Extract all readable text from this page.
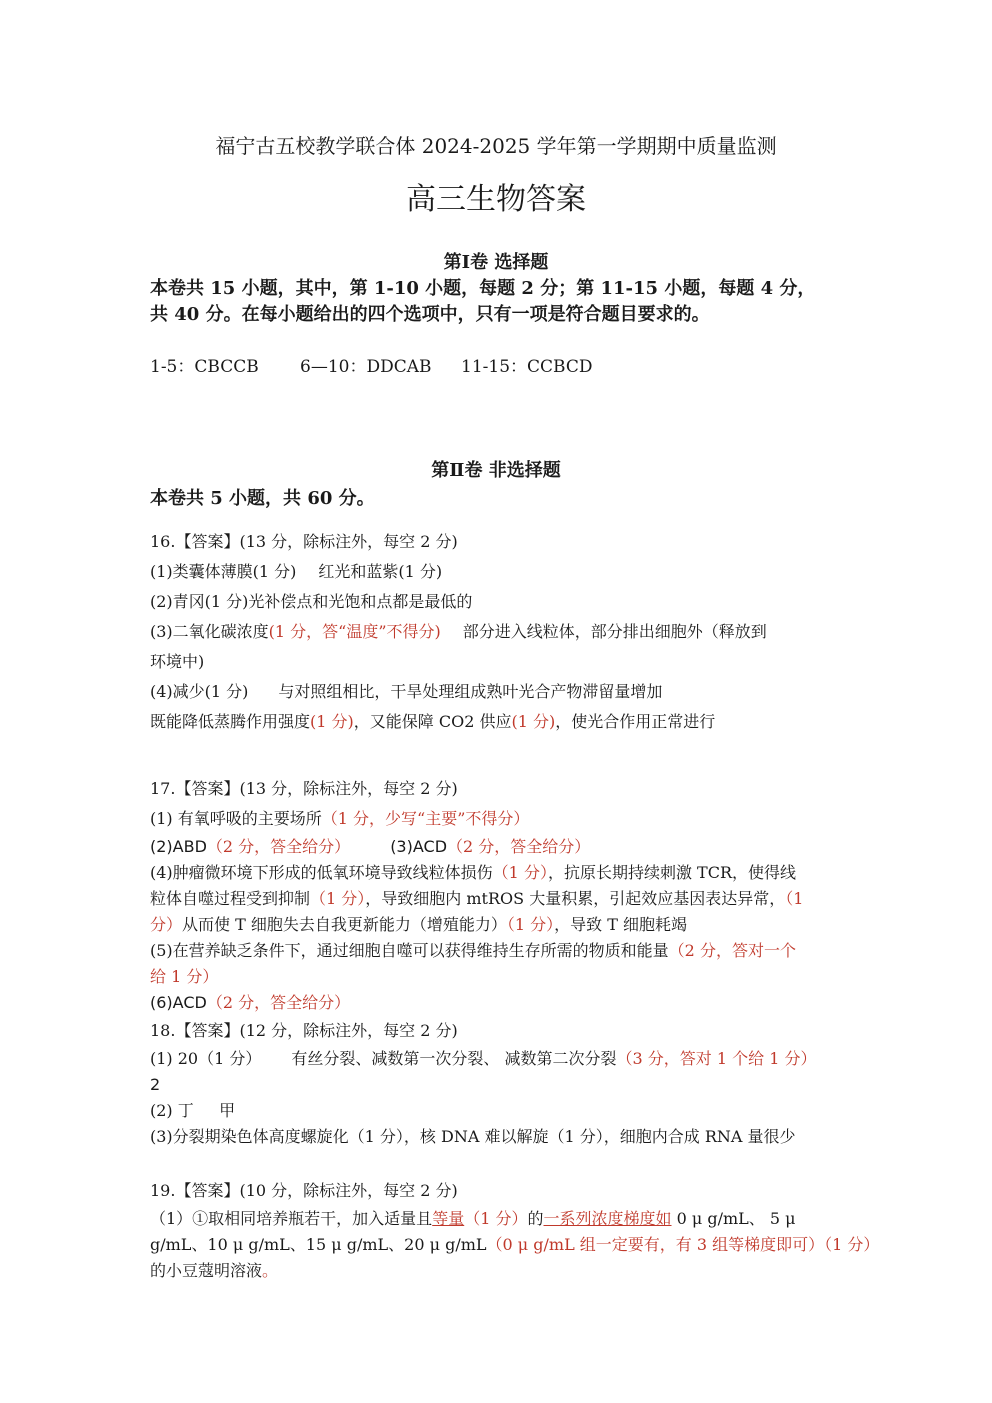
福宁古五校教学联合体 2024-2025 学年第一学期期中质量监测
高三生物答案
第Ⅰ卷 选择题
本卷共 15 小题，其中，第 1-10 小题，每题 2 分；第 11-15 小题，每题 4 分，
共 40 分。在每小题给出的四个选项中，只有一项是符合题目要求的。
1-5：CBCCB 6—10：DDCAB 11-15：CCBCD
第Ⅱ卷 非选择题
本卷共 5 小题，共 60 分。
16.【答案】(13 分，除标注外，每空 2 分)
(1)类囊体薄膜(1 分) 红光和蓝紫(1 分)
(2)青冈(1 分)光补偿点和光饱和点都是最低的
(3)二氧化碳浓度(1 分，答“温度”不得分) 部分进入线粒体，部分排出细胞外（释放到
环境中)
(4)减少(1 分) 与对照组相比，干旱处理组成熟叶光合产物滞留量增加
既能降低蒸腾作用强度(1 分)，又能保障 CO2 供应(1 分)，使光合作用正常进行
17.【答案】(13 分，除标注外，每空 2 分)
(1) 有氧呼吸的主要场所（1 分，少写“主要”不得分）
(2)ABD（2 分，答全给分）	(3)ACD（2 分，答全给分）
(4)肿瘤微环境下形成的低氧环境导致线粒体损伤（1 分），抗原长期持续刺激 TCR，使得线
粒体自噬过程受到抑制（1 分），导致细胞内 mtROS 大量积累，引起效应基因表达异常，（1
分）从而使 T 细胞失去自我更新能力（增殖能力）（1 分），导致 T 细胞耗竭
(5)在营养缺乏条件下，通过细胞自噬可以获得维持生存所需的物质和能量（2 分，答对一个
给 1 分）
(6)ACD（2 分，答全给分）
18.【答案】(12 分，除标注外，每空 2 分)
(1) 20（1 分） 有丝分裂、减数第一次分裂、 减数第二次分裂（3 分，答对 1 个给 1 分）
2
(2) 丁     甲
(3)分裂期染色体高度螺旋化（1 分），核 DNA 难以解旋（1 分），细胞内合成 RNA 量很少
19.【答案】(10 分，除标注外，每空 2 分)
（1）①取相同培养瓶若干，加入适量且等量（1 分）的一系列浓度梯度如 0 μ g/mL、 5 μ
g/mL、10 μ g/mL、15 μ g/mL、20 μ g/mL（0 μ g/mL 组一定要有，有 3 组等梯度即可）（1 分）
的小豆蔻明溶液。
